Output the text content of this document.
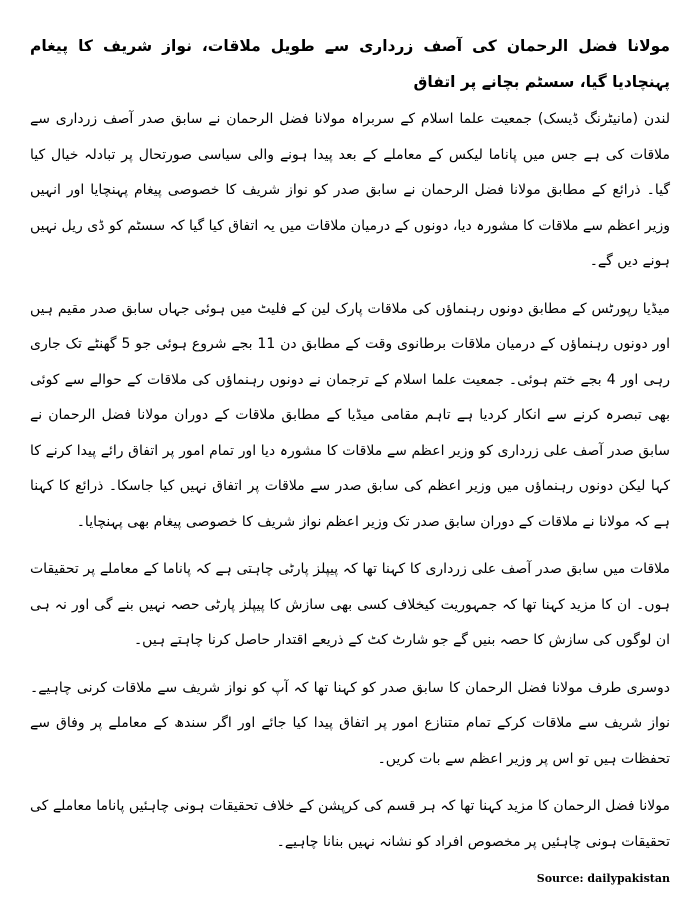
مولانا فضل الرحمان کی آصف زرداری سے طویل ملاقات، نواز شریف کا پیغام پہنچادیا گیا، سسٹم بچانے پر اتفاق

لندن (مانیٹرنگ ڈیسک) جمعیت علما اسلام کے سربراہ مولانا فضل الرحمان نے سابق صدر آصف زرداری سے ملاقات کی ہے جس میں پاناما لیکس کے معاملے کے بعد پیدا ہونے والی سیاسی صورتحال پر تبادلہ خیال کیا گیا۔ ذرائع کے مطابق مولانا فضل الرحمان نے سابق صدر کو نواز شریف کا خصوصی پیغام پہنچایا اور انہیں وزیر اعظم سے ملاقات کا مشورہ دیا، دونوں کے درمیان ملاقات میں یہ اتفاق کیا گیا کہ سسٹم کو ڈی ریل نہیں ہونے دیں گے۔

میڈیا رپورٹس کے مطابق دونوں رہنماؤں کی ملاقات پارک لین کے فلیٹ میں ہوئی جہاں سابق صدر مقیم ہیں اور دونوں رہنماؤں کے درمیان ملاقات برطانوی وقت کے مطابق دن 11 بجے شروع ہوئی جو 5 گھنٹے تک جاری رہی اور 4 بجے ختم ہوئی۔ جمعیت علما اسلام کے ترجمان نے دونوں رہنماؤں کی ملاقات کے حوالے سے کوئی بھی تبصرہ کرنے سے انکار کردیا ہے تاہم مقامی میڈیا کے مطابق ملاقات کے دوران مولانا فضل الرحمان نے سابق صدر آصف علی زرداری کو وزیر اعظم سے ملاقات کا مشورہ دیا اور تمام امور پر اتفاق رائے پیدا کرنے کا کہا لیکن دونوں رہنماؤں میں وزیر اعظم کی سابق صدر سے ملاقات پر اتفاق نہیں کیا جاسکا۔ ذرائع کا کہنا ہے کہ مولانا نے ملاقات کے دوران سابق صدر تک وزیر اعظم نواز شریف کا خصوصی پیغام بھی پہنچایا۔

ملاقات میں سابق صدر آصف علی زرداری کا کہنا تھا کہ پیپلز پارٹی چاہتی ہے کہ پاناما کے معاملے پر تحقیقات ہوں۔ ان کا مزید کہنا تھا کہ جمہوریت کیخلاف کسی بھی سازش کا پیپلز پارٹی حصہ نہیں بنے گی اور نہ ہی ان لوگوں کی سازش کا حصہ بنیں گے جو شارٹ کٹ کے ذریعے اقتدار حاصل کرنا چاہتے ہیں۔

دوسری طرف مولانا فضل الرحمان کا سابق صدر کو کہنا تھا کہ آپ کو نواز شریف سے ملاقات کرنی چاہیے۔ نواز شریف سے ملاقات کرکے تمام متنازع امور پر اتفاق پیدا کیا جائے اور اگر سندھ کے معاملے پر وفاق سے تحفظات ہیں تو اس پر وزیر اعظم سے بات کریں۔

مولانا فضل الرحمان کا مزید کہنا تھا کہ ہر قسم کی کرپشن کے خلاف تحقیقات ہونی چاہئیں پاناما معاملے کی تحقیقات ہونی چاہئیں پر مخصوص افراد کو نشانہ نہیں بنانا چاہیے۔

Source: dailypakistan
